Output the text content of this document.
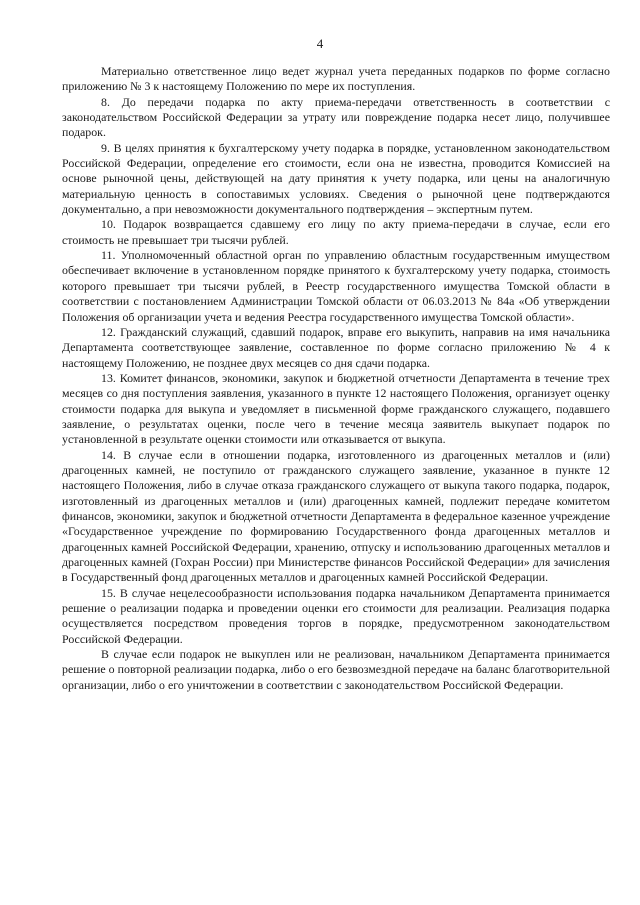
4

Материально ответственное лицо ведет журнал учета переданных подарков по форме согласно приложению № 3 к настоящему Положению по мере их поступления.

8. До передачи подарка по акту приема-передачи ответственность в соответствии с законодательством Российской Федерации за утрату или повреждение подарка несет лицо, получившее подарок.

9. В целях принятия к бухгалтерскому учету подарка в порядке, установленном законодательством Российской Федерации, определение его стоимости, если она не известна, проводится Комиссией на основе рыночной цены, действующей на дату принятия к учету подарка, или цены на аналогичную материальную ценность в сопоставимых условиях. Сведения о рыночной цене подтверждаются документально, а при невозможности документального подтверждения – экспертным путем.

10. Подарок возвращается сдавшему его лицу по акту приема-передачи в случае, если его стоимость не превышает три тысячи рублей.

11. Уполномоченный областной орган по управлению областным государственным имуществом обеспечивает включение в установленном порядке принятого к бухгалтерскому учету подарка, стоимость которого превышает три тысячи рублей, в Реестр государственного имущества Томской области в соответствии с постановлением Администрации Томской области от 06.03.2013 № 84а «Об утверждении Положения об организации учета и ведения Реестра государственного имущества Томской области».

12. Гражданский служащий, сдавший подарок, вправе его выкупить, направив на имя начальника Департамента соответствующее заявление, составленное по форме согласно приложению № 4 к настоящему Положению, не позднее двух месяцев со дня сдачи подарка.

13. Комитет финансов, экономики, закупок и бюджетной отчетности Департамента в течение трех месяцев со дня поступления заявления, указанного в пункте 12 настоящего Положения, организует оценку стоимости подарка для выкупа и уведомляет в письменной форме гражданского служащего, подавшего заявление, о результатах оценки, после чего в течение месяца заявитель выкупает подарок по установленной в результате оценки стоимости или отказывается от выкупа.

14. В случае если в отношении подарка, изготовленного из драгоценных металлов и (или) драгоценных камней, не поступило от гражданского служащего заявление, указанное в пункте 12 настоящего Положения, либо в случае отказа гражданского служащего от выкупа такого подарка, подарок, изготовленный из драгоценных металлов и (или) драгоценных камней, подлежит передаче комитетом финансов, экономики, закупок и бюджетной отчетности Департамента в федеральное казенное учреждение «Государственное учреждение по формированию Государственного фонда драгоценных металлов и драгоценных камней Российской Федерации, хранению, отпуску и использованию драгоценных металлов и драгоценных камней (Гохран России) при Министерстве финансов Российской Федерации» для зачисления в Государственный фонд драгоценных металлов и драгоценных камней Российской Федерации.

15. В случае нецелесообразности использования подарка начальником Департамента принимается решение о реализации подарка и проведении оценки его стоимости для реализации. Реализация подарка осуществляется посредством проведения торгов в порядке, предусмотренном законодательством Российской Федерации.

В случае если подарок не выкуплен или не реализован, начальником Департамента принимается решение о повторной реализации подарка, либо о его безвозмездной передаче на баланс благотворительной организации, либо о его уничтожении в соответствии с законодательством Российской Федерации.
